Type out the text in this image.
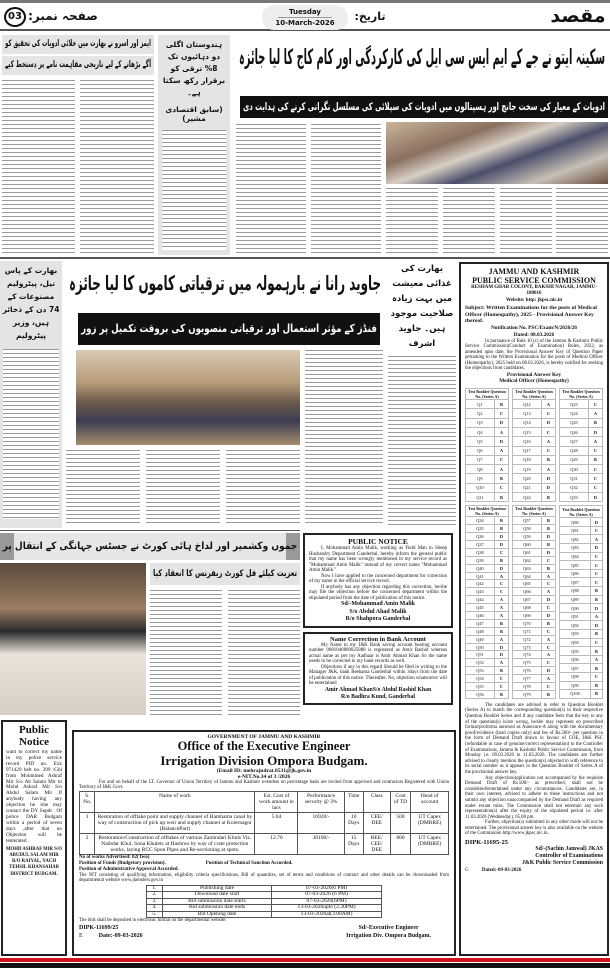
03 صفحہ نمبر:	Tuesday
10-March-2026	تاریخ:	مقصد
سکینہ ایتو نے جے کے ایم ایس سی ایل کی کارکردگی اور کام کاج کا لیا جائزہ
ادویات کے معیار کی سخت جانچ اور ہسپتالوں میں ادویات کی سپلائی کی مسلسل نگرانی کرنے کی ہدایت دی
ایمز اور اسرو نے بھارت میں خلائی ادویات کی تحقیق کو
آگے بڑھانے کے لیے تاریخی مفاہمت نامے پر دستخط کیے
ہندوستان اگلی دو دہائیوں تک 8% ترقی کو برقرار رکھ سکتا ہے۔
(سابق اقتصادی مشیر)
بھارت کے پاس تیل، پیٹرولیم مصنوعات کے 74 دن کے ذخائر ہیں، وزیر پیٹرولیم
جاوید رانا نے بارہمولہ میں ترقیاتی کاموں کا لیا جائزہ
فنڈز کے مؤثر استعمال اور ترقیاتی منصوبوں کی بروقت تکمیل پر زور
بھارت کی غذائی معیشت میں بہت زیادہ صلاحیت موجود ہیں۔ جاوید اشرف
JAMMU AND KASHMIR
PUBLIC SERVICE COMMISSION
RESHAM GHAR COLONY, BAKSHI NAGAR, JAMMU- 180016
Website: http: jkpsc.nic.in
Subject: Written Examinations for the posts of Medical Officer (Homeopathy), 2025 - Provisional Answer Key thereof.
Notification No. PSC/Exam/N/2026/26
Dated: 08.03.2026

In pursuance of Rule 10 (c) of the Jammu & Kashmir Public Service Commission(Conduct of Examination) Rules, 2022, as amended upto date, the Provisional Answer Key of Question Paper pertaining to the Written Examination for the posts of Medical Officer (Homeopathy), 2025 held on 08.03.2026, is hereby notified for seeking the objections from candidates.

Provisional Answer Key
Medical Officer (Homeopathy)
Test Booklet Question No. (Series A)	
Q1	B
Q2	C
Q3	D
Q4	A
Q5	D
Q6	A
Q7	C
Q8	A
Q9	B
Q10	C
Q11	B
Test Booklet Question No. (Series A)	
Q12	A
Q13	C
Q14	D
Q15	C
Q16	A
Q17	C
Q18	B
Q19	A
Q20	D
Q21	D
Q22	B
Test Booklet Question No. (Series A)	
Q23	C
Q24	A
Q25	B
Q26	D
Q27	A
Q28	C
Q29	B
Q30	C
Q31	C
Q32	C
Q33	D
Test Booklet Question No. (Series A)	
Q34	B
Q35	B
Q36	D
Q37	D
Q38	C
Q39	B
Q40	D
Q41	A
Q42	C
Q43	C
Q44	A
Q45	A
Q46	A
Q47	B
Q48	B
Q49	A
Q50	D
Q51	D
Q52	A
Q53	B
Q54	C
Q55	C
Q56	B
Test Booklet Question No. (Series A)	
Q57	B
Q58	B
Q59	D
Q60	B
Q61	D
Q62	C
Q63	B
Q64	A
Q65	C
Q66	A
Q67	D
Q68	C
Q69	D
Q70	B
Q71	C
Q72	A
Q73	C
Q74	A
Q75	C
Q76	D
Q77	A
Q78	C
Q79	B
Test Booklet Question No. (Series A)	
Q80	D
Q81	C
Q82	A
Q83	D
Q84	C
Q85	C
Q86	C
Q87	C
Q88	B
Q89	B
Q90	D
Q91	A
Q92	D
Q93	B
Q94	C
Q95	B
Q96	A
Q97	B
Q98	C
Q99	B
Q100	B

The candidates are advised to refer to Question Booklet (Series A) to match the corresponding question(s) in their respective Question Booklet Series and if any candidate feels that the key to any of the question(s) is/are wrong, he/she may represent on prescribed format/proforma annexed as Annexure-A along with the documentary proof/evidence (hard copies only) and fee of Rs.500/- per question in the form of Demand Draft drawn in favour of COE, J&K PSC (refundable in case of genuine/correct representation) to the Controller of Examinations, Jammu & Kashmir Public Service Commission, from Monday i.e. 09.03.2026 to 11.03.2026. The candidates are further advised to clearly mention the question(s) objected to with reference to its serial number as it appears in the Question Booklet of Series A of the provisional answer key.

Any objection/application not accompanied by the requisite Demand Draft of Rs.500/- as prescribed, shall not be considered/entertained under any circumstances. Candidates are, in their own interest, advised to adhere to these instructions and not submit any objection unaccompanied by the Demand Draft as required under extant rules. The Commission shall not entertain any such representation(s) after the expiry of the stipulated period i.e. after 11.03.2026 (Wednesday), 05.00 pm.

Further, objection(s) submitted in any other mode will not be entertained. The provisional answer key is also available on the website of the Commission http://www.jkpsc.nic.in.

DIPK-11695-25
Sd/-(Sachin Jamwal) JKAS
Controller of Examinations
J&K Public Service Commission
G	Dated:-09-03-2026
جموں وکشمیر اور لداخ ہائی کورٹ نے جسٹس جہانگی کے انتقال پر
تعزیت کیلئے فل کورٹ ریفرنس کا انعقاد کیا
PUBLIC NOTICE

I, Mohammad Amin Malik, working as Field Man in Sheep Husbandry Department Ganderbal, hereby inform the general public that my name has been wrongly mentioned in my service record as "Muhammad Amin Malik" instead of my correct name "Mohammad Amin Malik."

Now I have applied to the concerned department for correction of my name in the official service record.

If anybody has any objection regarding this correction, he/she may file the objection before the concerned department within the stipulated period from the date of publication of this notice.

Sd/-Mohammad Amin Malik
S/o Abdul Ahad Malik
R/o Shahpora Ganderbal
Name Correction in Bank Account

My Name in my J&K Bank saving account bearing account number 0081040800025880 is registered as Amir Rashid whereas actual name as per my Aadhaar is Amir Ahmad Khan So the name needs to be corrected in my bank records as well.

Objectinos if any in this regard Should be filed in writing to the Manager J&K, bank Beehama Ganderbal within 3days from the date of publication of this notice. Thereafter. No, objection whatsoever will be entertained

Amir Ahmad KhanS/o Abdul Rashid Khan
R/o Badhra Kund, Ganderbal
Public Notice

want to correct my name in my police service record PID no. Exk 971429 belt no. 399 /Gbl from Mohmmed Ashraf Mir S/o Ab Salam Mir to Mohd Ashraf Mir S/o Abdul Salam Mir If anybody having any objection he /she may contact the DY Supdt . Of police DAR Budgam within a period of seven days ,after that no Objection will be tenterated .

MOHD ASHRAF MIR S/O ABUDUL SALAM MIR R/O RAIYAL, YACH TEHSIL KHANSAHAB DISTRICT BUDGAM.
GOVERNMENT OF JAMMU AND KASHMIR
Office of the Executive Engineer
Irrigation Division Ompora Budgam.
(Email ID: mehrajudrat.8531@jk.gov.in
e-NIT.No.34 of 3 /2026

For and on behalf of the LT. Governor of Union Territory of Jammu and Kashmir e-tenders on percentage basis are invited from approved and contractors Registered with Union Territory of J&K Govt.

S. No.	Name of work	Est. Cost of work amount in lacs	Performance security @ 3%	Time	Class	Cost of TD	Head of account
1	Restoration of offtake point and supply channel of Hamhama canal by way of construction of pick up weir and supply channel at Koiernagor (BalancePart)	5.64	16920/-	10 Days	CEE/ DEE	500	UT Capex (DMRRE)
2	Restoration/Construction of offtakes of various Zamindari Khuls Viz. Naibdar Khul, Sona Khuletc at Hashroo by way of crate protection works, laying RCC Spun Pipes and Re-sectioning at spots.	12.70	38100/-	15 Days	BEE/ CEE/ DEE	800	UT Capex (DMRRE)
No of works Advertised: 02(Two)
Position of Funds (Budgetary provision).	Position of Technical Sanction Accorded.
Position of Administrative Approval Accorded.

The NIT consisting of qualifying information, eligibility criteria specifications, Bill of quantities, set of terms and conditions of contract and other details can be /downloaded from departmental website www.jktenders.gov.in

1.	Publishing date	07-03-2026(6 PM)
2.	Download date start	07-03-2026 (6 PM)
3.	Bid submission date starts	07-03-2026(6PM)
4.	Bid submission date ends	13-03-2026upto (2.30PM)
5.	Bid Opening date	13-03-2026at(3.00AM)

The bids shall be deposited in electronic format on the departmental website.

DIPK-11699/25
E	Date:-09-03-2026
Sd/-Executive Engineer
Irrigation Div. Ompora Budgam.
